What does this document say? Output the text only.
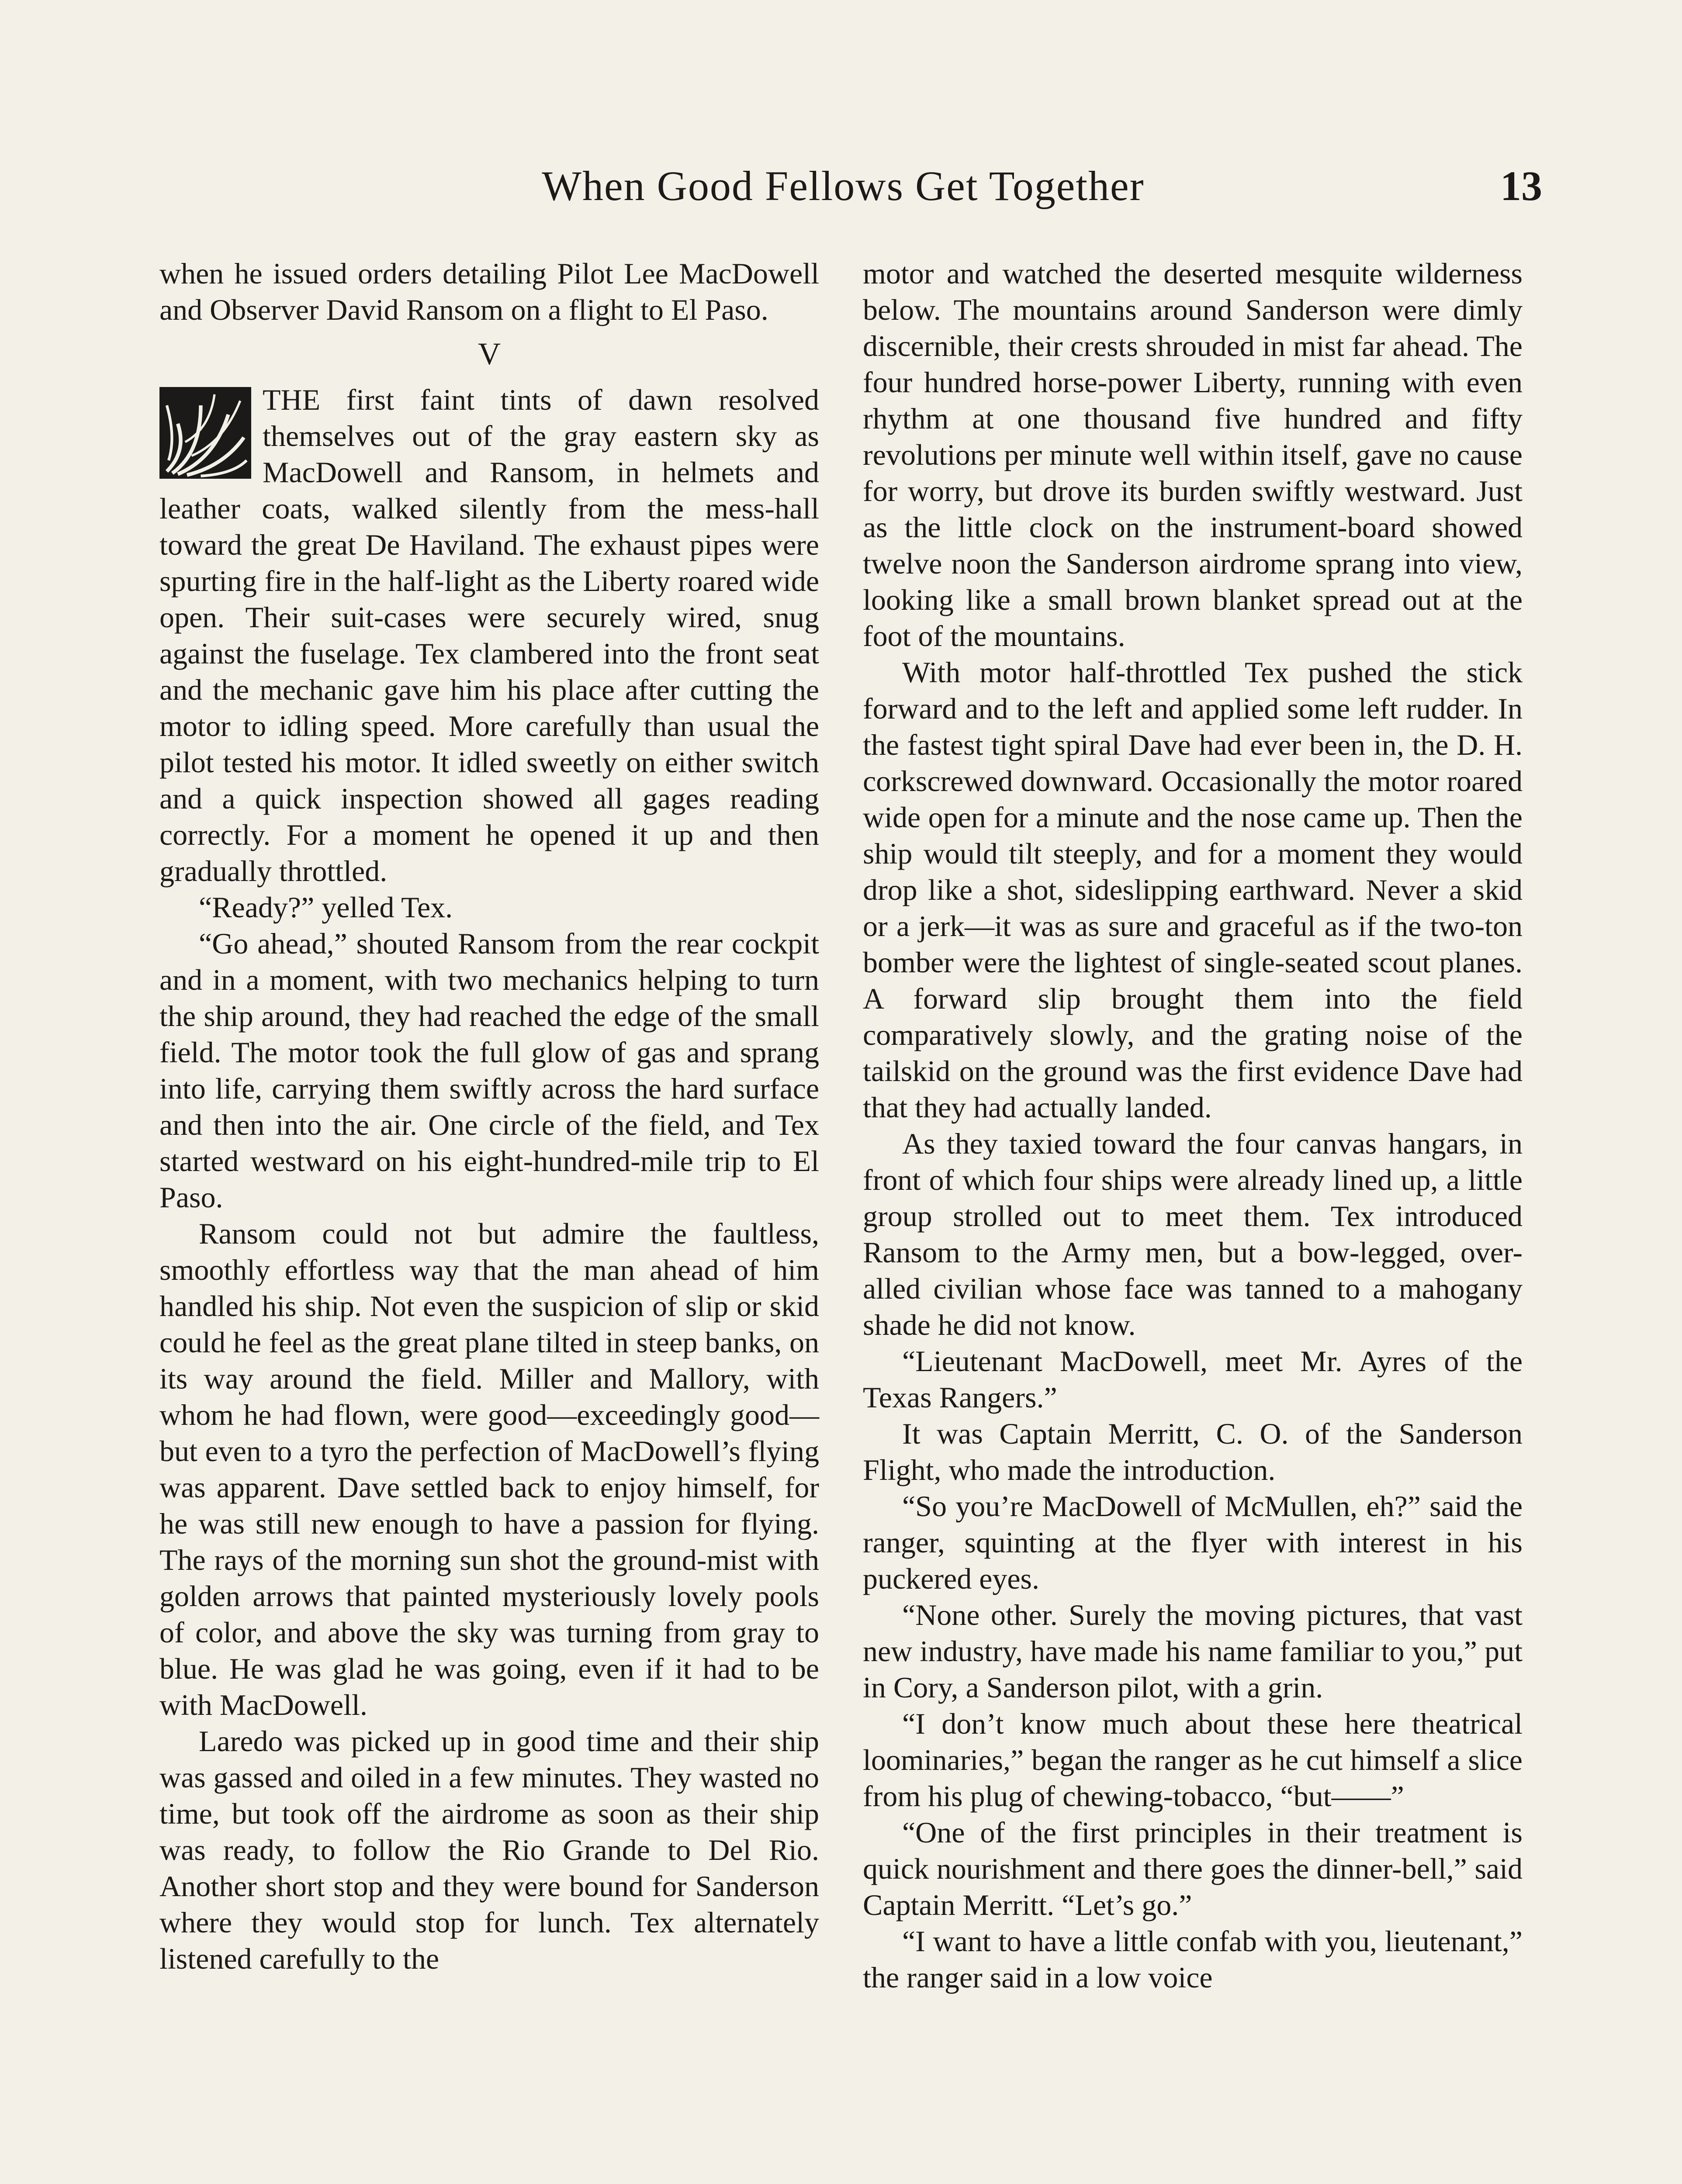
When Good Fellows Get Together	13

when he issued orders detailing Pilot Lee MacDowell and Observer David Ransom on a flight to El Paso.

V

THE first faint tints of dawn resolved themselves out of the gray eastern sky as MacDowell and Ransom, in helmets and leather coats, walked silently from the mess-hall toward the great De Haviland. The exhaust pipes were spurting fire in the half-light as the Liberty roared wide open. Their suit-cases were securely wired, snug against the fuselage. Tex clambered into the front seat and the mechanic gave him his place after cutting the motor to idling speed. More carefully than usual the pilot tested his motor. It idled sweetly on either switch and a quick inspection showed all gages reading correctly. For a moment he opened it up and then gradually throttled.

“Ready?” yelled Tex.

“Go ahead,” shouted Ransom from the rear cockpit and in a moment, with two mechanics helping to turn the ship around, they had reached the edge of the small field. The motor took the full glow of gas and sprang into life, carrying them swiftly across the hard surface and then into the air. One circle of the field, and Tex started westward on his eight-hundred-mile trip to El Paso.

Ransom could not but admire the faultless, smoothly effortless way that the man ahead of him handled his ship. Not even the suspicion of slip or skid could he feel as the great plane tilted in steep banks, on its way around the field. Miller and Mallory, with whom he had flown, were good—exceedingly good—but even to a tyro the perfection of MacDowell’s flying was apparent. Dave settled back to enjoy himself, for he was still new enough to have a passion for flying. The rays of the morning sun shot the ground-mist with golden arrows that painted mysteriously lovely pools of color, and above the sky was turning from gray to blue. He was glad he was going, even if it had to be with MacDowell.

Laredo was picked up in good time and their ship was gassed and oiled in a few minutes. They wasted no time, but took off the airdrome as soon as their ship was ready, to follow the Rio Grande to Del Rio. Another short stop and they were bound for Sanderson where they would stop for lunch. Tex alternately listened carefully to the

motor and watched the deserted mesquite wilderness below. The mountains around Sanderson were dimly discernible, their crests shrouded in mist far ahead. The four hundred horse-power Liberty, running with even rhythm at one thousand five hundred and fifty revolutions per minute well within itself, gave no cause for worry, but drove its burden swiftly westward. Just as the little clock on the instrument-board showed twelve noon the Sanderson airdrome sprang into view, looking like a small brown blanket spread out at the foot of the mountains.

With motor half-throttled Tex pushed the stick forward and to the left and applied some left rudder. In the fastest tight spiral Dave had ever been in, the D. H. corkscrewed downward. Occasionally the motor roared wide open for a minute and the nose came up. Then the ship would tilt steeply, and for a moment they would drop like a shot, sideslipping earthward. Never a skid or a jerk—it was as sure and graceful as if the two-ton bomber were the lightest of single-seated scout planes. A forward slip brought them into the field comparatively slowly, and the grating noise of the tailskid on the ground was the first evidence Dave had that they had actually landed.

As they taxied toward the four canvas hangars, in front of which four ships were already lined up, a little group strolled out to meet them. Tex introduced Ransom to the Army men, but a bow-legged, over-alled civilian whose face was tanned to a mahogany shade he did not know.

“Lieutenant MacDowell, meet Mr. Ayres of the Texas Rangers.”

It was Captain Merritt, C. O. of the Sanderson Flight, who made the introduction.

“So you’re MacDowell of McMullen, eh?” said the ranger, squinting at the flyer with interest in his puckered eyes.

“None other. Surely the moving pictures, that vast new industry, have made his name familiar to you,” put in Cory, a Sanderson pilot, with a grin.

“I don’t know much about these here theatrical loominaries,” began the ranger as he cut himself a slice from his plug of chewing-tobacco, “but——”

“One of the first principles in their treatment is quick nourishment and there goes the dinner-bell,” said Captain Merritt. “Let’s go.”

“I want to have a little confab with you, lieutenant,” the ranger said in a low voice
